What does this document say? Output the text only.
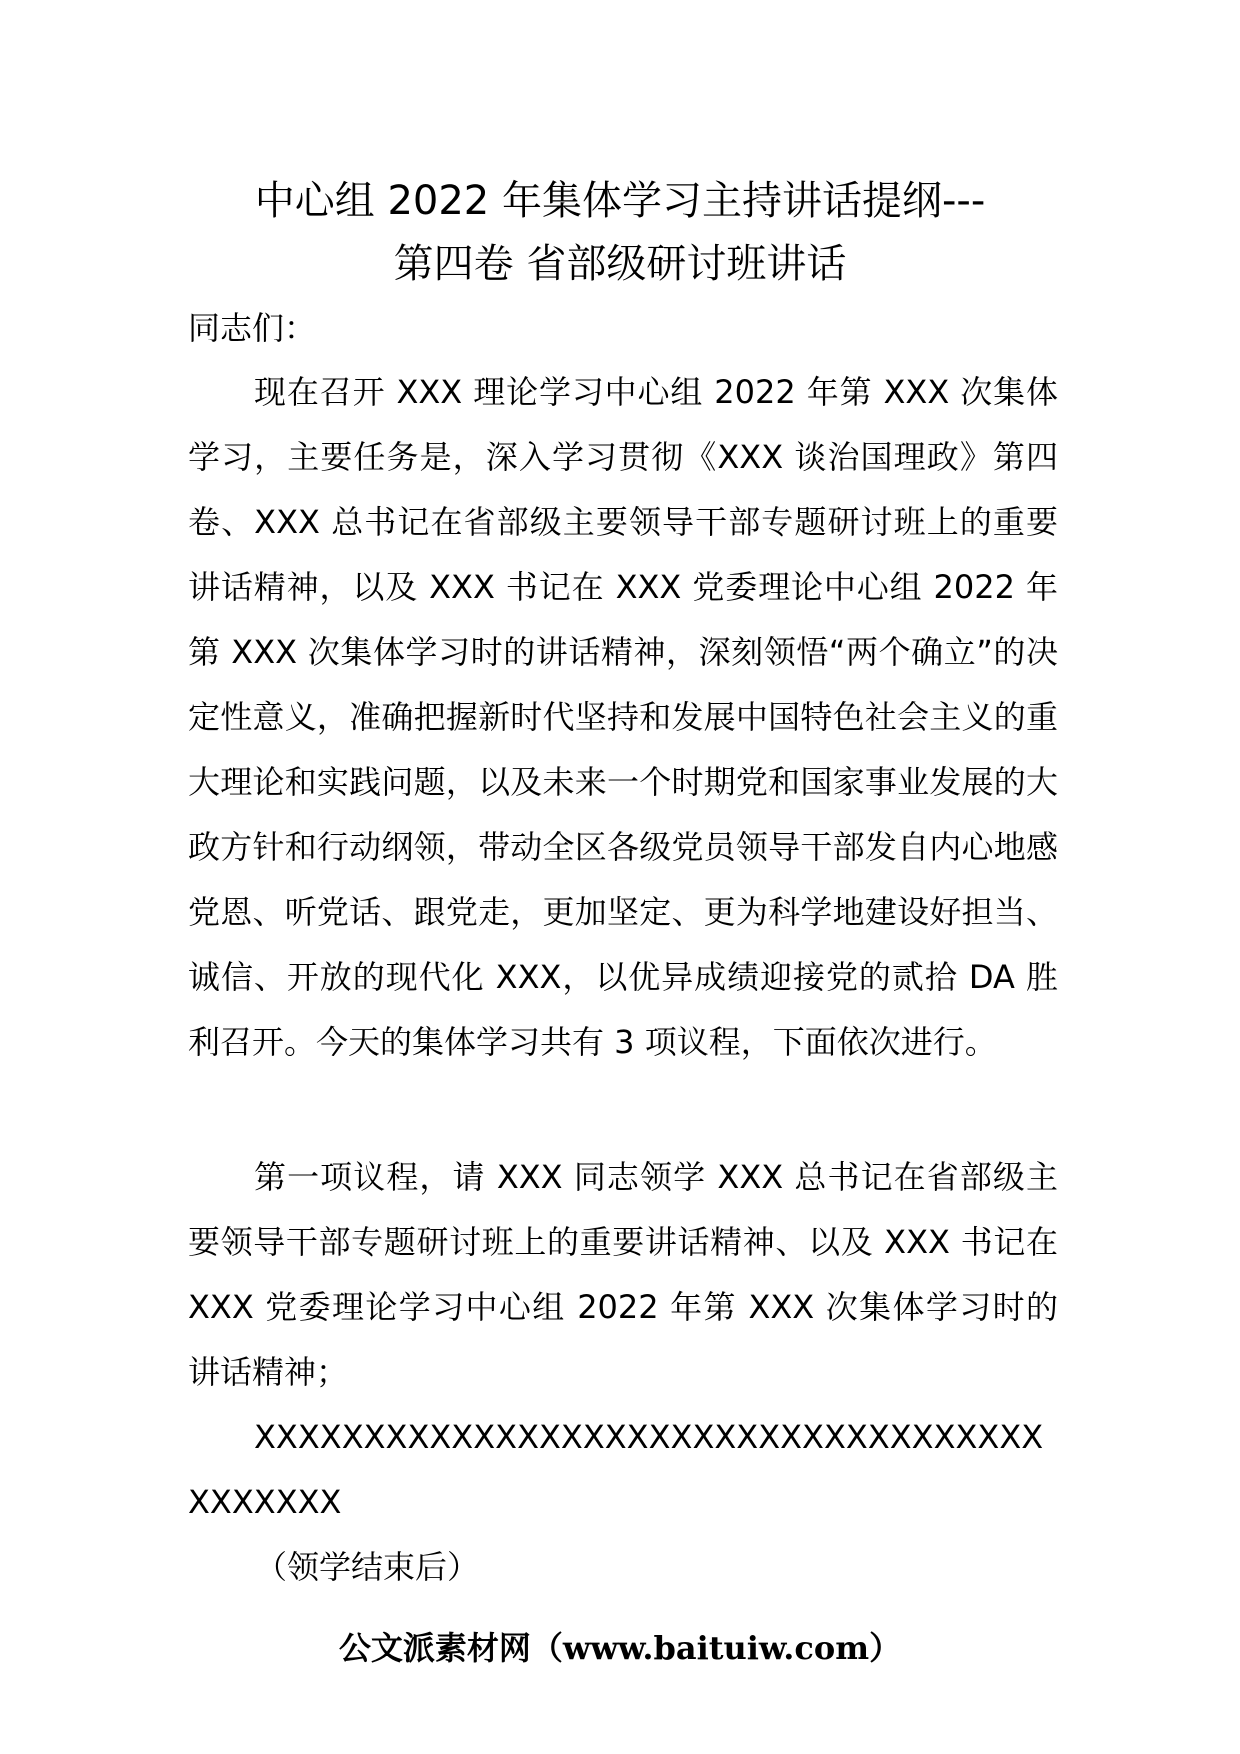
中心组 2022 年集体学习主持讲话提纲---
第四卷 省部级研讨班讲话
同志们：

现在召开 XXX 理论学习中心组 2022 年第 XXX 次集体学习，主要任务是，深入学习贯彻《XXX 谈治国理政》第四卷、XXX 总书记在省部级主要领导干部专题研讨班上的重要讲话精神，以及 XXX 书记在 XXX 党委理论中心组 2022 年第 XXX 次集体学习时的讲话精神，深刻领悟“两个确立”的决定性意义，准确把握新时代坚持和发展中国特色社会主义的重大理论和实践问题，以及未来一个时期党和国家事业发展的大政方针和行动纲领，带动全区各级党员领导干部发自内心地感党恩、听党话、跟党走，更加坚定、更为科学地建设好担当、诚信、开放的现代化 XXX，以优异成绩迎接党的贰拾 DA 胜利召开。今天的集体学习共有 3 项议程，下面依次进行。

第一项议程，请 XXX 同志领学 XXX 总书记在省部级主要领导干部专题研讨班上的重要讲话精神、以及 XXX 书记在 XXX 党委理论学习中心组 2022 年第 XXX 次集体学习时的讲话精神；

XXXXXXXXXXXXXXXXXXXXXXXXXXXXXXXXXXXXXXXXXXX

（领学结束后）
公文派素材网（www.baituiw.com）
